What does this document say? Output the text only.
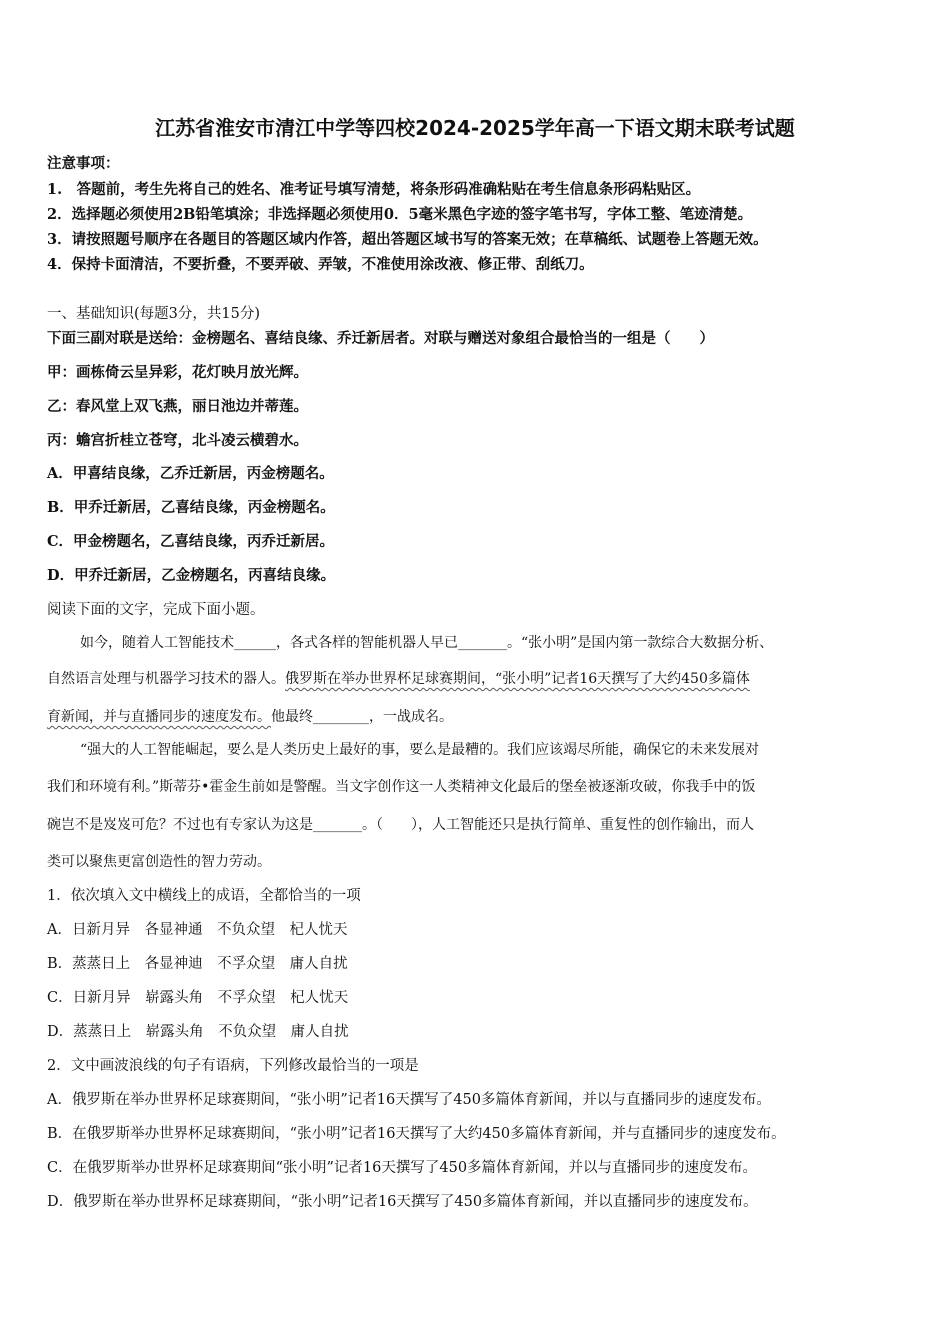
江苏省淮安市清江中学等四校2024-2025学年高一下语文期末联考试题
注意事项：
1.　答题前，考生先将自己的姓名、准考证号填写清楚，将条形码准确粘贴在考生信息条形码粘贴区。
2．选择题必须使用2B铅笔填涂；非选择题必须使用0．5毫米黑色字迹的签字笔书写，字体工整、笔迹清楚。
3．请按照题号顺序在各题目的答题区域内作答，超出答题区域书写的答案无效；在草稿纸、试题卷上答题无效。
4．保持卡面清洁，不要折叠，不要弄破、弄皱，不准使用涂改液、修正带、刮纸刀。
一、基础知识(每题3分，共15分)
下面三副对联是送给：金榜题名、喜结良缘、乔迁新居者。对联与赠送对象组合最恰当的一组是（　　）
甲：画栋倚云呈异彩，花灯映月放光辉。
乙：春风堂上双飞燕，丽日池边并蒂莲。
丙：蟾宫折桂立苍穹，北斗凌云横碧水。
A．甲喜结良缘，乙乔迁新居，丙金榜题名。
B．甲乔迁新居，乙喜结良缘，丙金榜题名。
C．甲金榜题名，乙喜结良缘，丙乔迁新居。
D．甲乔迁新居，乙金榜题名，丙喜结良缘。
阅读下面的文字，完成下面小题。
如今，随着人工智能技术______，各式各样的智能机器人早已_______。“张小明”是国内第一款综合大数据分析、
自然语言处理与机器学习技术的器人。俄罗斯在举办世界杯足球赛期间，“张小明”记者16天撰写了大约450多篇体
育新闻，并与直播同步的速度发布。他最终________，一战成名。
“强大的人工智能崛起，要么是人类历史上最好的事，要么是最糟的。我们应该竭尽所能，确保它的未来发展对
我们和环境有利。”斯蒂芬•霍金生前如是警醒。当文字创作这一人类精神文化最后的堡垒被逐渐攻破，你我手中的饭
碗岂不是岌岌可危？不过也有专家认为这是_______。（　　），人工智能还只是执行简单、重复性的创作输出，而人
类可以聚焦更富创造性的智力劳动。
1．依次填入文中横线上的成语，全都恰当的一项
A．日新月异　各显神通　不负众望　杞人忧天
B．蒸蒸日上　各显神迪　不孚众望　庸人自扰
C．日新月异　崭露头角　不孚众望　杞人忧天
D．蒸蒸日上　崭露头角　不负众望　庸人自扰
2．文中画波浪线的句子有语病，下列修改最恰当的一项是
A．俄罗斯在举办世界杯足球赛期间，“张小明”记者16天撰写了450多篇体育新闻，并以与直播同步的速度发布。
B．在俄罗斯举办世界杯足球赛期间，“张小明”记者16天撰写了大约450多篇体育新闻，并与直播同步的速度发布。
C．在俄罗斯举办世界杯足球赛期间“张小明”记者16天撰写了450多篇体育新闻，并以与直播同步的速度发布。
D．俄罗斯在举办世界杯足球赛期间，“张小明”记者16天撰写了450多篇体育新闻，并以直播同步的速度发布。
